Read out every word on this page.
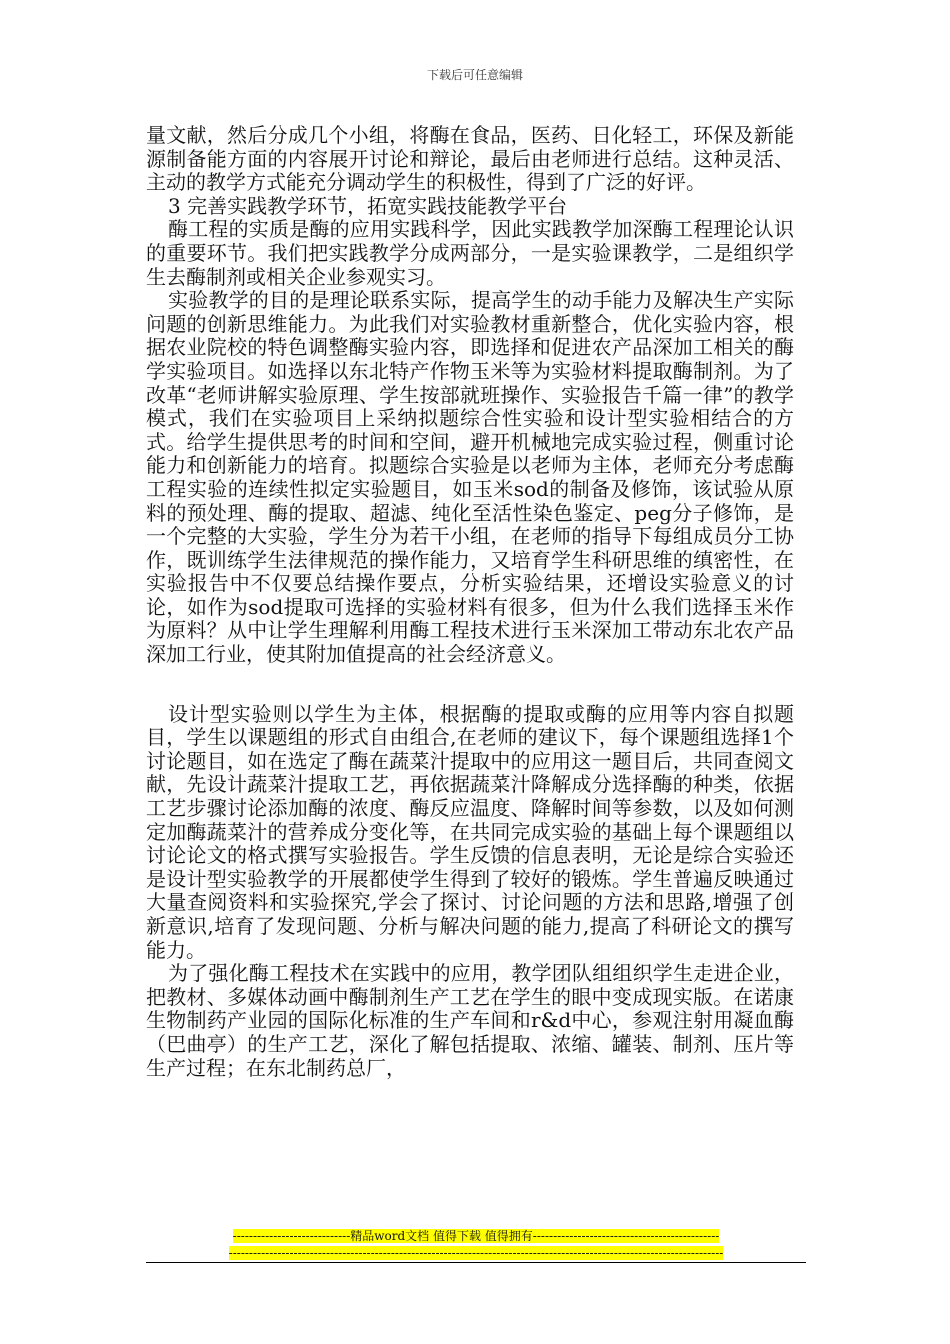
下载后可任意编辑

量文献，然后分成几个小组，将酶在食品，医药、日化轻工，环保及新能源制备能方面的内容展开讨论和辩论，最后由老师进行总结。这种灵活、主动的教学方式能充分调动学生的积极性，得到了广泛的好评。

3 完善实践教学环节，拓宽实践技能教学平台

酶工程的实质是酶的应用实践科学，因此实践教学加深酶工程理论认识的重要环节。我们把实践教学分成两部分，一是实验课教学，二是组织学生去酶制剂或相关企业参观实习。

实验教学的目的是理论联系实际，提高学生的动手能力及解决生产实际问题的创新思维能力。为此我们对实验教材重新整合，优化实验内容，根据农业院校的特色调整酶实验内容，即选择和促进农产品深加工相关的酶学实验项目。如选择以东北特产作物玉米等为实验材料提取酶制剂。为了改革“老师讲解实验原理、学生按部就班操作、实验报告千篇一律”的教学模式，我们在实验项目上采纳拟题综合性实验和设计型实验相结合的方式。给学生提供思考的时间和空间，避开机械地完成实验过程，侧重讨论能力和创新能力的培育。拟题综合实验是以老师为主体，老师充分考虑酶工程实验的连续性拟定实验题目，如玉米sod的制备及修饰，该试验从原料的预处理、酶的提取、超滤、纯化至活性染色鉴定、peg分子修饰，是一个完整的大实验，学生分为若干小组，在老师的指导下每组成员分工协作，既训练学生法律规范的操作能力，又培育学生科研思维的缜密性，在实验报告中不仅要总结操作要点，分析实验结果，还增设实验意义的讨论，如作为sod提取可选择的实验材料有很多，但为什么我们选择玉米作为原料？从中让学生理解利用酶工程技术进行玉米深加工带动东北农产品深加工行业，使其附加值提高的社会经济意义。

设计型实验则以学生为主体，根据酶的提取或酶的应用等内容自拟题目，学生以课题组的形式自由组合,在老师的建议下，每个课题组选择1个讨论题目，如在选定了酶在蔬菜汁提取中的应用这一题目后，共同查阅文献，先设计蔬菜汁提取工艺，再依据蔬菜汁降解成分选择酶的种类，依据工艺步骤讨论添加酶的浓度、酶反应温度、降解时间等参数，以及如何测定加酶蔬菜汁的营养成分变化等，在共同完成实验的基础上每个课题组以讨论论文的格式撰写实验报告。学生反馈的信息表明，无论是综合实验还是设计型实验教学的开展都使学生得到了较好的锻炼。学生普遍反映通过大量查阅资料和实验探究,学会了探讨、讨论问题的方法和思路,增强了创新意识,培育了发现问题、分析与解决问题的能力,提高了科研论文的撰写能力。

为了强化酶工程技术在实践中的应用，教学团队组组织学生走进企业，把教材、多媒体动画中酶制剂生产工艺在学生的眼中变成现实版。在诺康生物制药产业园的国际化标准的生产车间和r&d中心，参观注射用凝血酶（巴曲亭）的生产工艺，深化了解包括提取、浓缩、罐装、制剂、压片等生产过程；在东北制药总厂，

-----------------------------精品word文档 值得下载 值得拥有----------------------------------------------
--------------------------------------------------------------------------------------------------------------------------
